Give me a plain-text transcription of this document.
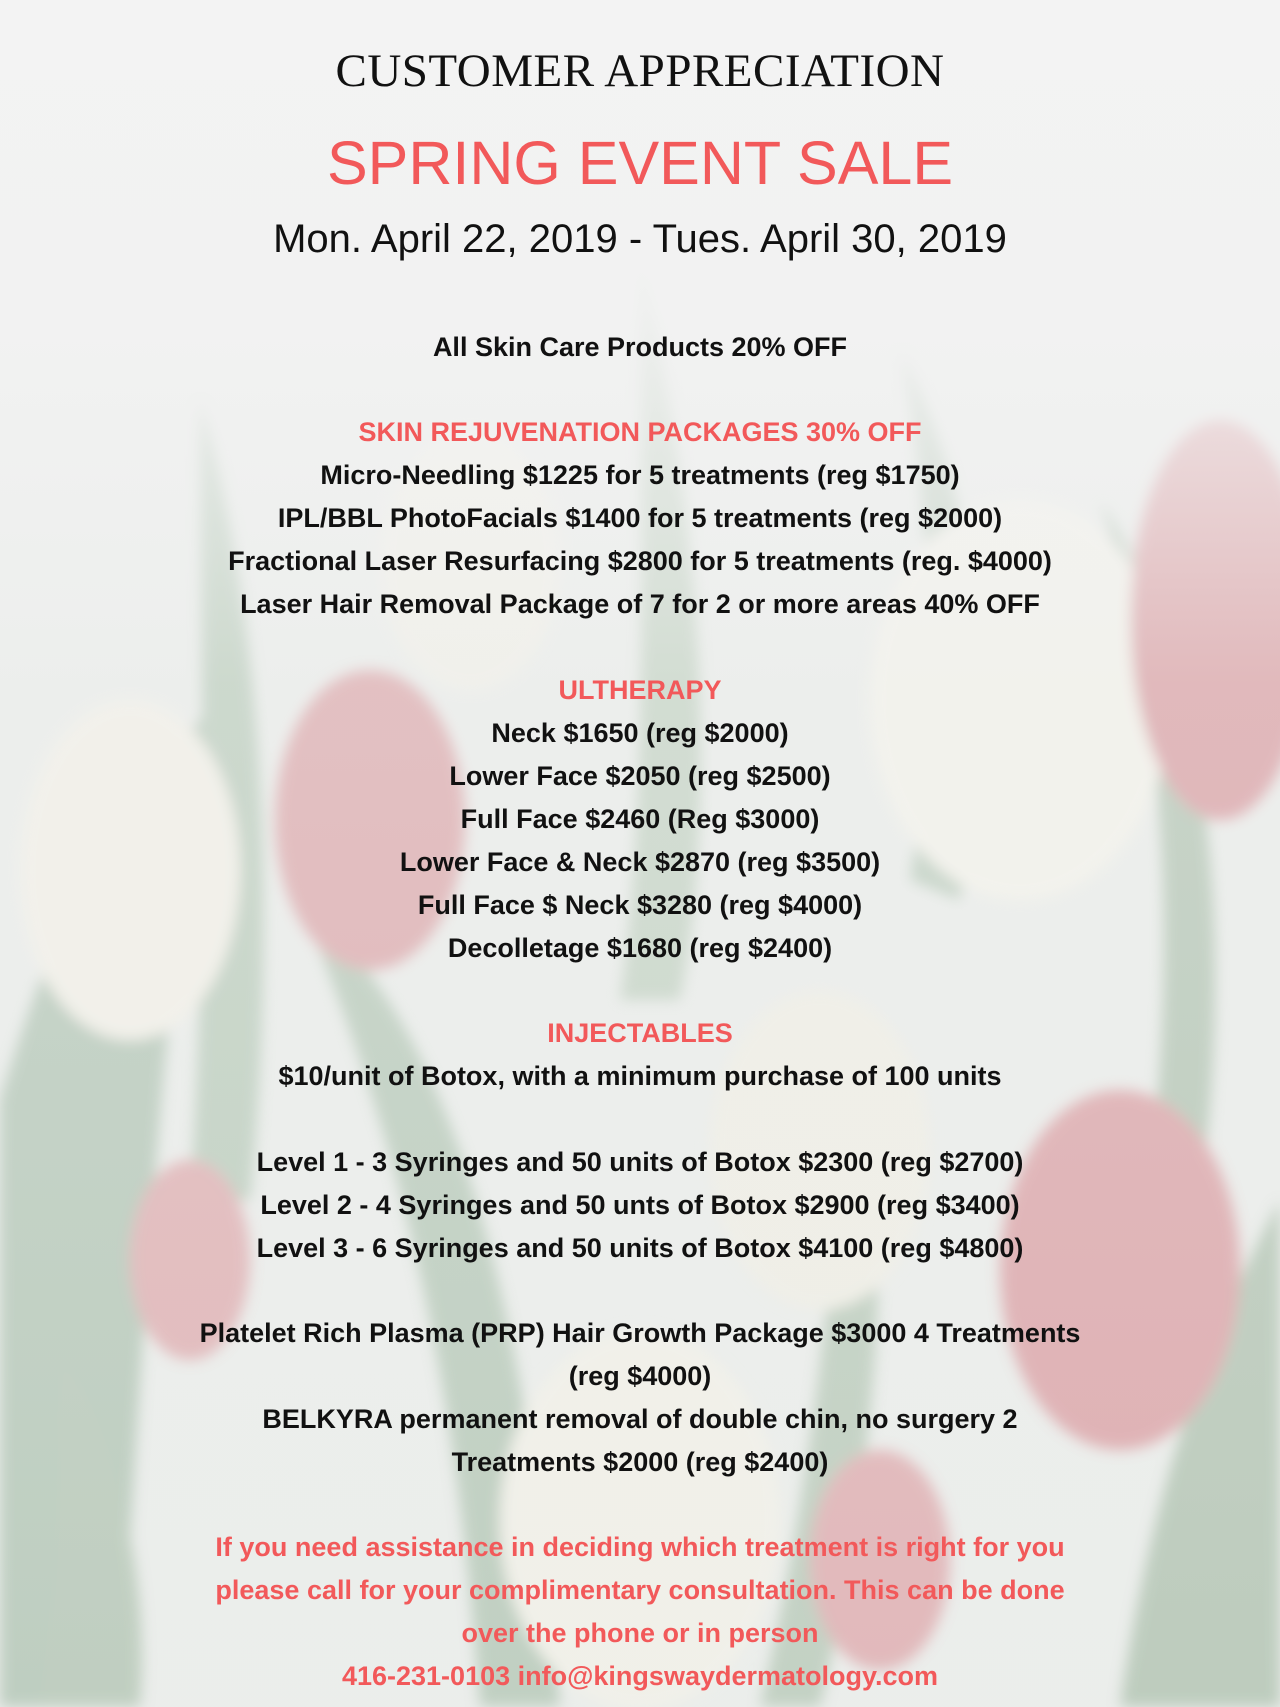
CUSTOMER APPRECIATION
SPRING EVENT SALE
Mon. April 22, 2019 - Tues. April 30, 2019
All Skin Care Products 20% OFF
SKIN REJUVENATION PACKAGES 30% OFF
Micro-Needling $1225 for 5 treatments (reg $1750)
IPL/BBL PhotoFacials $1400 for 5 treatments (reg $2000)
Fractional Laser Resurfacing $2800 for 5 treatments (reg. $4000)
Laser Hair Removal Package of 7 for 2 or more areas 40% OFF
ULTHERAPY
Neck $1650 (reg $2000)
Lower Face $2050 (reg $2500)
Full Face $2460 (Reg $3000)
Lower Face & Neck $2870 (reg $3500)
Full Face $ Neck $3280 (reg $4000)
Decolletage $1680 (reg $2400)
INJECTABLES
$10/unit of Botox, with a minimum purchase of 100 units
Level 1 - 3 Syringes and 50 units of Botox $2300 (reg $2700)
Level 2 - 4 Syringes and 50 unts of Botox $2900 (reg $3400)
Level 3 - 6 Syringes and 50 units of Botox $4100 (reg $4800)
Platelet Rich Plasma (PRP) Hair Growth Package $3000 4 Treatments
(reg $4000)
BELKYRA permanent removal of double chin, no surgery 2
Treatments $2000 (reg $2400)
If you need assistance in deciding which treatment is right for you
please call for your complimentary consultation. This can be done
over the phone or in person
416-231-0103 info@kingswaydermatology.com
